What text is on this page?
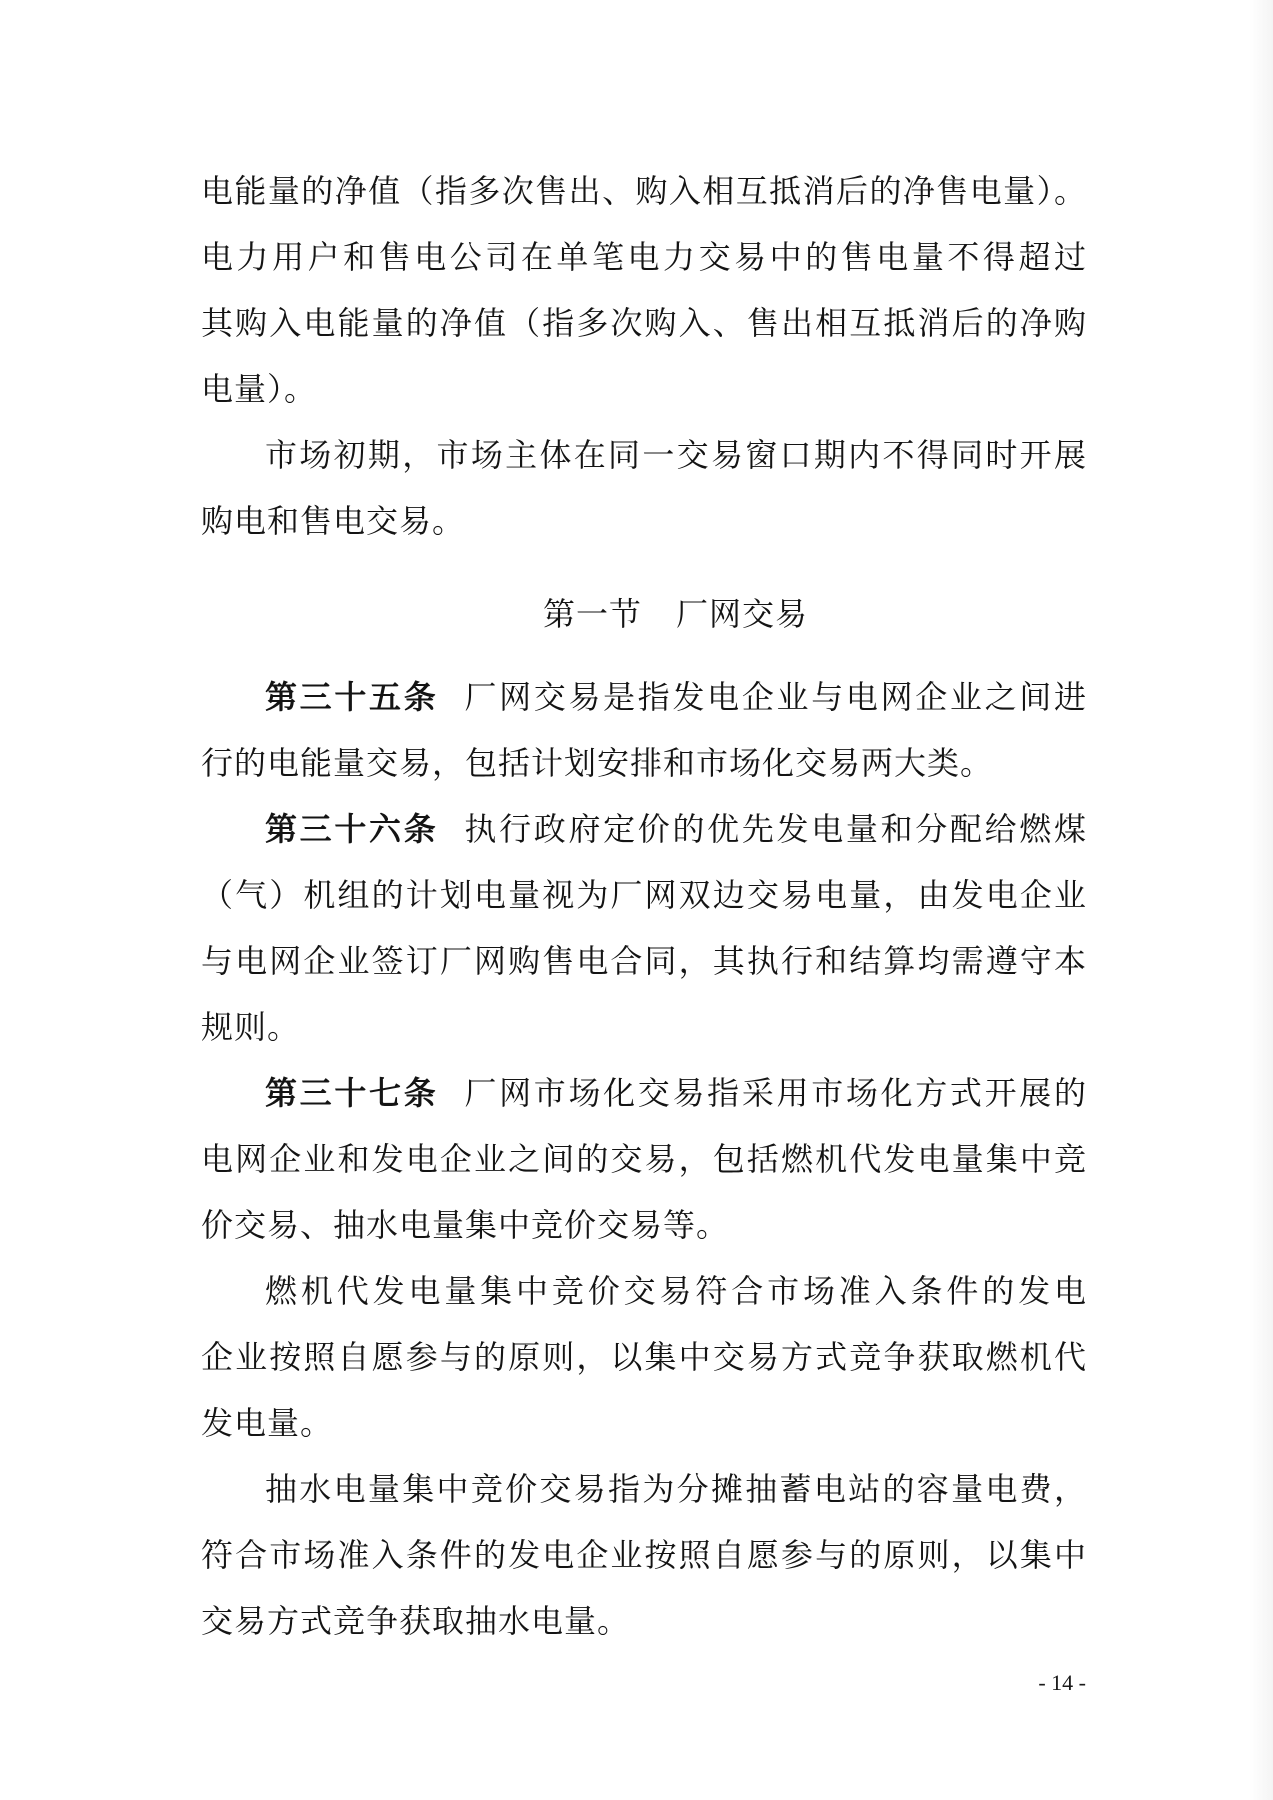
电能量的净值（指多次售出、购入相互抵消后的净售电量）。
电力用户和售电公司在单笔电力交易中的售电量不得超过
其购入电能量的净值（指多次购入、售出相互抵消后的净购
电量）。
市场初期，市场主体在同一交易窗口期内不得同时开展
购电和售电交易。
第一节 厂网交易
第三十五条 厂网交易是指发电企业与电网企业之间进
行的电能量交易，包括计划安排和市场化交易两大类。
第三十六条 执行政府定价的优先发电量和分配给燃煤
（气）机组的计划电量视为厂网双边交易电量，由发电企业
与电网企业签订厂网购售电合同，其执行和结算均需遵守本
规则。
第三十七条 厂网市场化交易指采用市场化方式开展的
电网企业和发电企业之间的交易，包括燃机代发电量集中竞
价交易、抽水电量集中竞价交易等。
燃机代发电量集中竞价交易符合市场准入条件的发电
企业按照自愿参与的原则，以集中交易方式竞争获取燃机代
发电量。
抽水电量集中竞价交易指为分摊抽蓄电站的容量电费，
符合市场准入条件的发电企业按照自愿参与的原则，以集中
交易方式竞争获取抽水电量。
- 14 -
